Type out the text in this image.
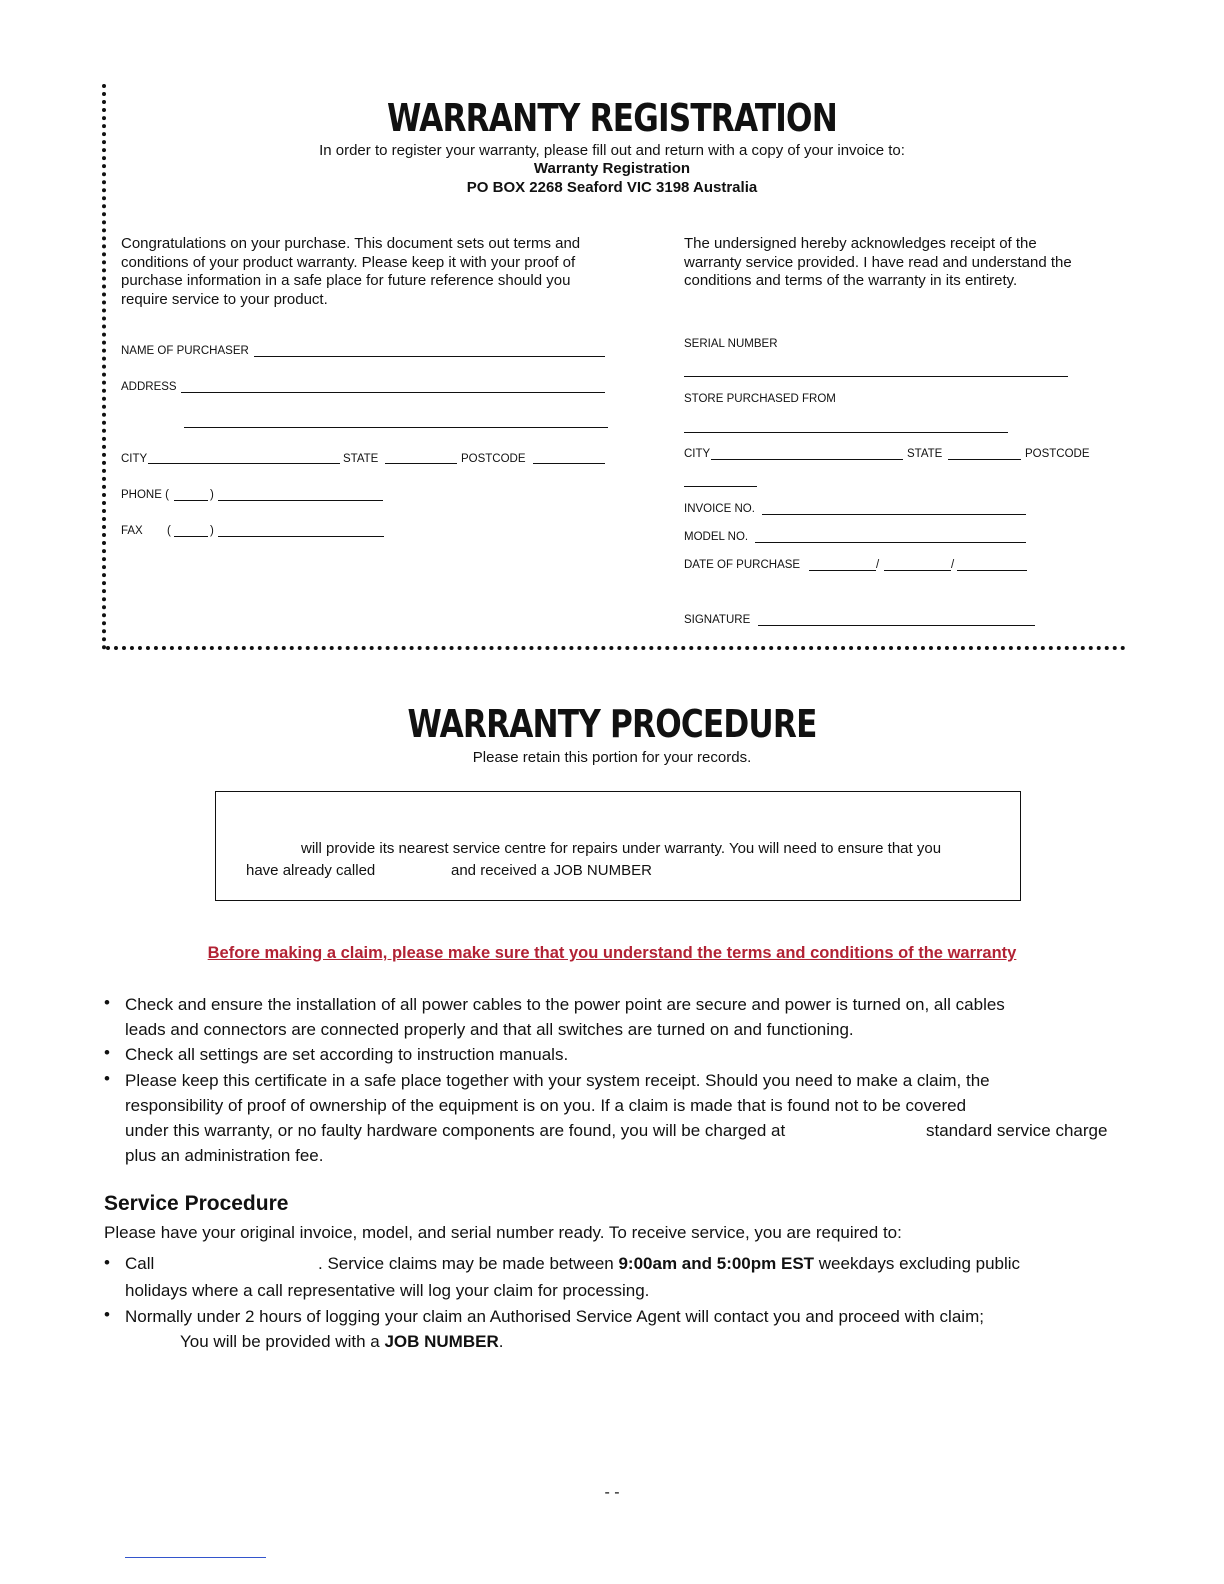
WARRANTY REGISTRATION
In order to register your warranty, please fill out and return with a copy of your invoice to:
Warranty Registration
PO BOX 2268 Seaford VIC 3198 Australia
Congratulations on your purchase. This document sets out terms and
conditions of your product warranty. Please keep it with your proof of
purchase information in a safe place for future reference should you
require service to your product.
The undersigned hereby acknowledges receipt of the
warranty service provided. I have read and understand the
conditions and terms of the warranty in its entirety.
NAME OF PURCHASER
ADDRESS
CITY	STATE	POSTCODE
PHONE (	)
FAX (	)
SERIAL NUMBER
STORE PURCHASED FROM
CITY	STATE	POSTCODE
INVOICE NO.
MODEL NO.
DATE OF PURCHASE	/	/
SIGNATURE
WARRANTY PROCEDURE
Please retain this portion for your records.
will provide its nearest service centre for repairs under warranty. You will need to ensure that you
have already called	and received a JOB NUMBER
Before making a claim, please make sure that you understand the terms and conditions of the warranty
• Check and ensure the installation of all power cables to the power point are secure and power is turned on, all cables
leads and connectors are connected properly and that all switches are turned on and functioning.
• Check all settings are set according to instruction manuals.
• Please keep this certificate in a safe place together with your system receipt. Should you need to make a claim, the
responsibility of proof of ownership of the equipment is on you. If a claim is made that is found not to be covered
under this warranty, or no faulty hardware components are found, you will be charged at
plus an administration fee.
standard service charge
Service Procedure
Please have your original invoice, model, and serial number ready. To receive service, you are required to:
• Call	. Service claims may be made between 9:00am and 5:00pm EST weekdays excluding public
holidays where a call representative will log your claim for processing.
• Normally under 2 hours of logging your claim an Authorised Service Agent will contact you and proceed with claim;
You will be provided with a JOB NUMBER.
- -
